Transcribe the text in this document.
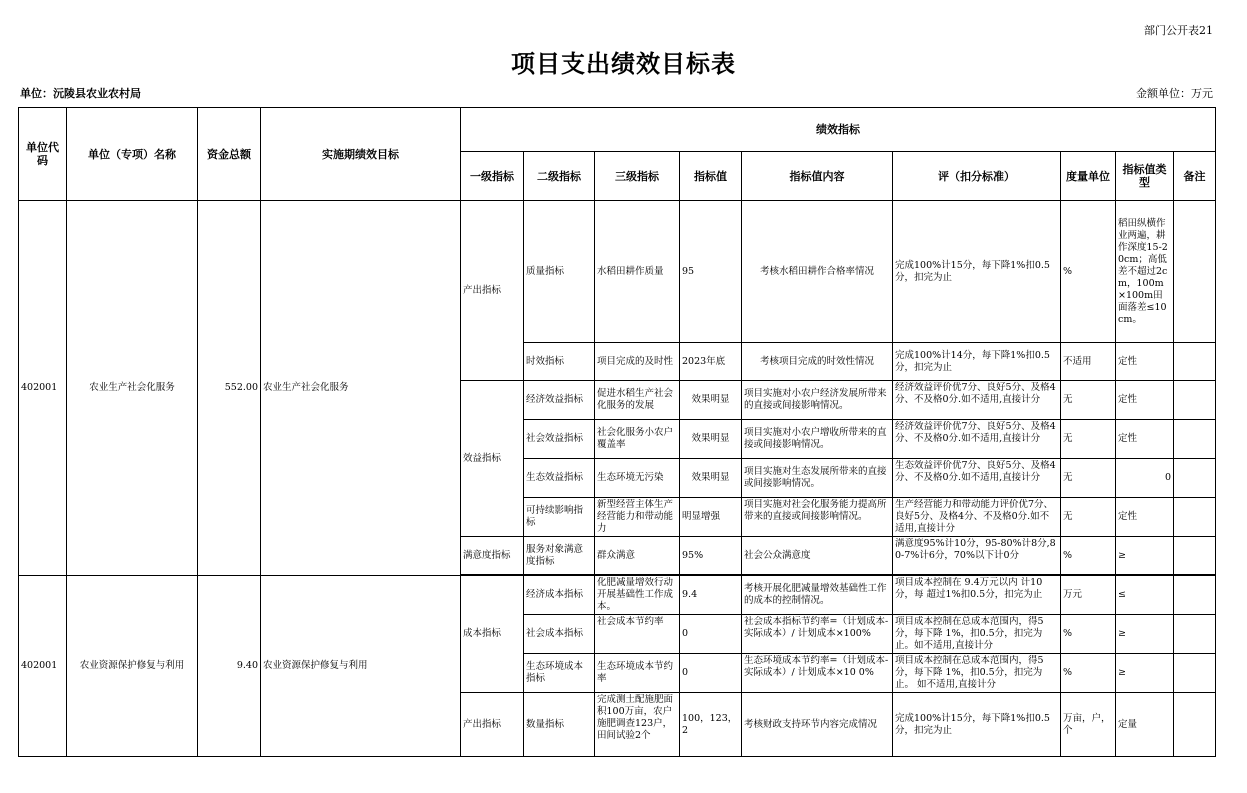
部门公开表21
项目支出绩效目标表
单位：沅陵县农业农村局	金额单位：万元
单位代码	单位（专项）名称	资金总额	实施期绩效目标	绩效指标								
				一级指标	二级指标	三级指标	指标值	指标值内容	评（扣分标准）	度量单位	指标值类型	备注
402001	农业生产社会化服务	552.00	农业生产社会化服务	产出指标	质量指标	水稻田耕作质量	95	考核水稻田耕作合格率情况	完成100%计15分，每下降1%扣0.5分，扣完为止	%	稻田纵横作业两遍，耕作深度15-20cm；高低差不超过2cm，100m×100m田面落差≤10 cm。	
					时效指标	项目完成的及时性	2023年底	考核项目完成的时效性情况	完成100%计14分，每下降1%扣0.5分，扣完为止	不适用	定性	
				效益指标	经济效益指标	促进水稻生产社会化服务的发展	效果明显	项目实施对小农户经济发展所带来的直接或间接影响情况。	经济效益评价优7分、良好5分、及格4分、不及格0分.如不适用,直接计分	无	定性	
					社会效益指标	社会化服务小农户覆盖率	效果明显	项目实施对小农户增收所带来的直接或间接影响情况。	经济效益评价优7分、良好5分、及格4分、不及格0分.如不适用,直接计分	无	定性	
					生态效益指标	生态环境无污染	效果明显	项目实施对生态发展所带来的直接或间接影响情况。	生态效益评价优7分、良好5分、及格4分、不及格0分.如不适用,直接计分	无	0	
					可持续影响指标	新型经营主体生产经营能力和带动能力	明显增强	项目实施对社会化服务能力提高所带来的直接或间接影响情况。	生产经营能力和带动能力评价优7分、良好5分、及格4分、不及格0分.如不适用,直接计分	无	定性	
				满意度指标	服务对象满意度指标	群众满意	95%	社会公众满意度	满意度95%计10分，95-80%计8分,80-7%计6分，70%以下计0分	%	≥	

402001	农业资源保护修复与利用	9.40	农业资源保护修复与利用	成本指标	经济成本指标	化肥减量增效行动开展基础性工作成本。	9.4	考核开展化肥减量增效基础性工作的成本的控制情况。	项目成本控制在 9.4万元以内 计10分，每 超过1%扣0.5分，扣完为止	万元	≤	
					社会成本指标	社会成本节约率	0	社会成本指标节约率=（计划成本-实际成本）/ 计划成本×100%	项目成本控制在总成本范围内，得5分，每下降 1%，扣0.5分，扣完为止。如不适用,直接计分	%	≥	
					生态环境成本指标	生态环境成本节约率	0	生态环境成本节约率=（计划成本-实际成本）/ 计划成本×10 0%	项目成本控制在总成本范围内，得5分，每下降 1%，扣0.5分，扣完为止。 如不适用,直接计分	%	≥	
				产出指标	数量指标	完成测土配施肥面积100万亩，农户施肥调查123户，田间试验2个	100，123，2	考核财政支持环节内容完成情况	完成100%计15分，每下降1%扣0.5分，扣完为止	万亩，户，个	定量	
